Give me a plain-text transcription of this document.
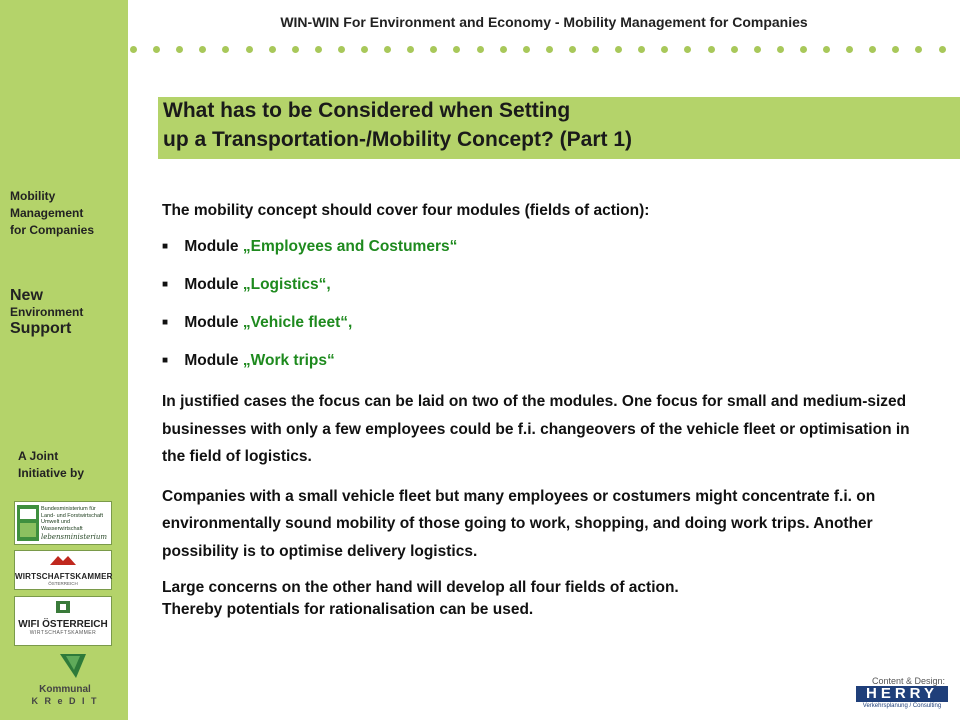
Mobility
Management
for Companies
New
Environment
Support
A Joint
Initiative by
Bundesministerium für
Land- und Forstwirtschaft
Umwelt und Wasserwirtschaft
lebensministerium
WIRTSCHAFTSKAMMER
ÖSTERREICH
WIFI ÖSTERREICH
WIRTSCHAFTSKAMMER
Kommunal
K R e D I T
WIN-WIN For Environment and Economy - Mobility Management for Companies
What has to be Considered when Setting
up a Transportation-/Mobility Concept? (Part 1)
The mobility concept should cover four modules (fields of action):
■ Module „Employees and Costumers“
■ Module „Logistics“,
■ Module „Vehicle fleet“,
■ Module „Work trips“
In justified cases the focus can be laid on two of the modules. One focus for small and medium-sized businesses with only a few employees could be f.i. changeovers of the vehicle fleet or optimisation in the field of logistics.
Companies with a small vehicle fleet but many employees or costumers might concentrate f.i. on environmentally sound mobility of those going to work, shopping, and doing work trips. Another possibility is to optimise delivery logistics.
Large concerns on the other hand will develop all four fields of action.
Thereby potentials for rationalisation can be used.
Content & Design:
HERRY
Verkehrsplanung / Consulting
